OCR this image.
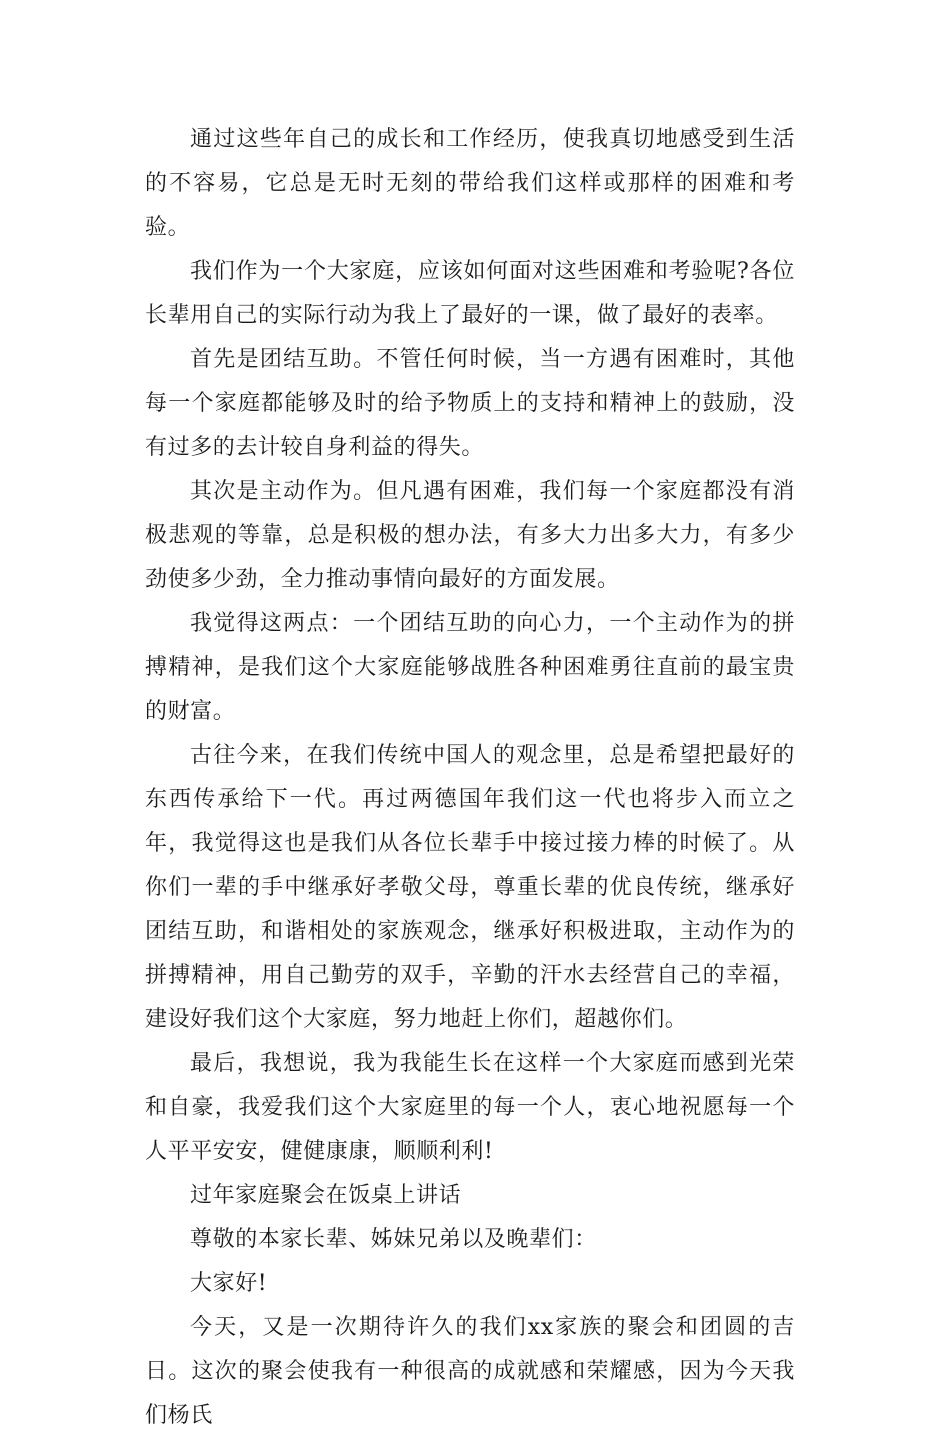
通过这些年自己的成长和工作经历，使我真切地感受到生活的不容易，它总是无时无刻的带给我们这样或那样的困难和考验。

我们作为一个大家庭，应该如何面对这些困难和考验呢?各位长辈用自己的实际行动为我上了最好的一课，做了最好的表率。

首先是团结互助。不管任何时候，当一方遇有困难时，其他每一个家庭都能够及时的给予物质上的支持和精神上的鼓励，没有过多的去计较自身利益的得失。

其次是主动作为。但凡遇有困难，我们每一个家庭都没有消极悲观的等靠，总是积极的想办法，有多大力出多大力，有多少劲使多少劲，全力推动事情向最好的方面发展。

我觉得这两点：一个团结互助的向心力，一个主动作为的拼搏精神，是我们这个大家庭能够战胜各种困难勇往直前的最宝贵的财富。

古往今来，在我们传统中国人的观念里，总是希望把最好的东西传承给下一代。再过两德国年我们这一代也将步入而立之年，我觉得这也是我们从各位长辈手中接过接力棒的时候了。从你们一辈的手中继承好孝敬父母，尊重长辈的优良传统，继承好团结互助，和谐相处的家族观念，继承好积极进取，主动作为的拼搏精神，用自己勤劳的双手，辛勤的汗水去经营自己的幸福，建设好我们这个大家庭，努力地赶上你们，超越你们。

最后，我想说，我为我能生长在这样一个大家庭而感到光荣和自豪，我爱我们这个大家庭里的每一个人，衷心地祝愿每一个人平平安安，健健康康，顺顺利利!

过年家庭聚会在饭桌上讲话

尊敬的本家长辈、姊妹兄弟以及晚辈们：

大家好!

今天，又是一次期待许久的我们xx家族的聚会和团圆的吉日。这次的聚会使我有一种很高的成就感和荣耀感，因为今天我们杨氏
